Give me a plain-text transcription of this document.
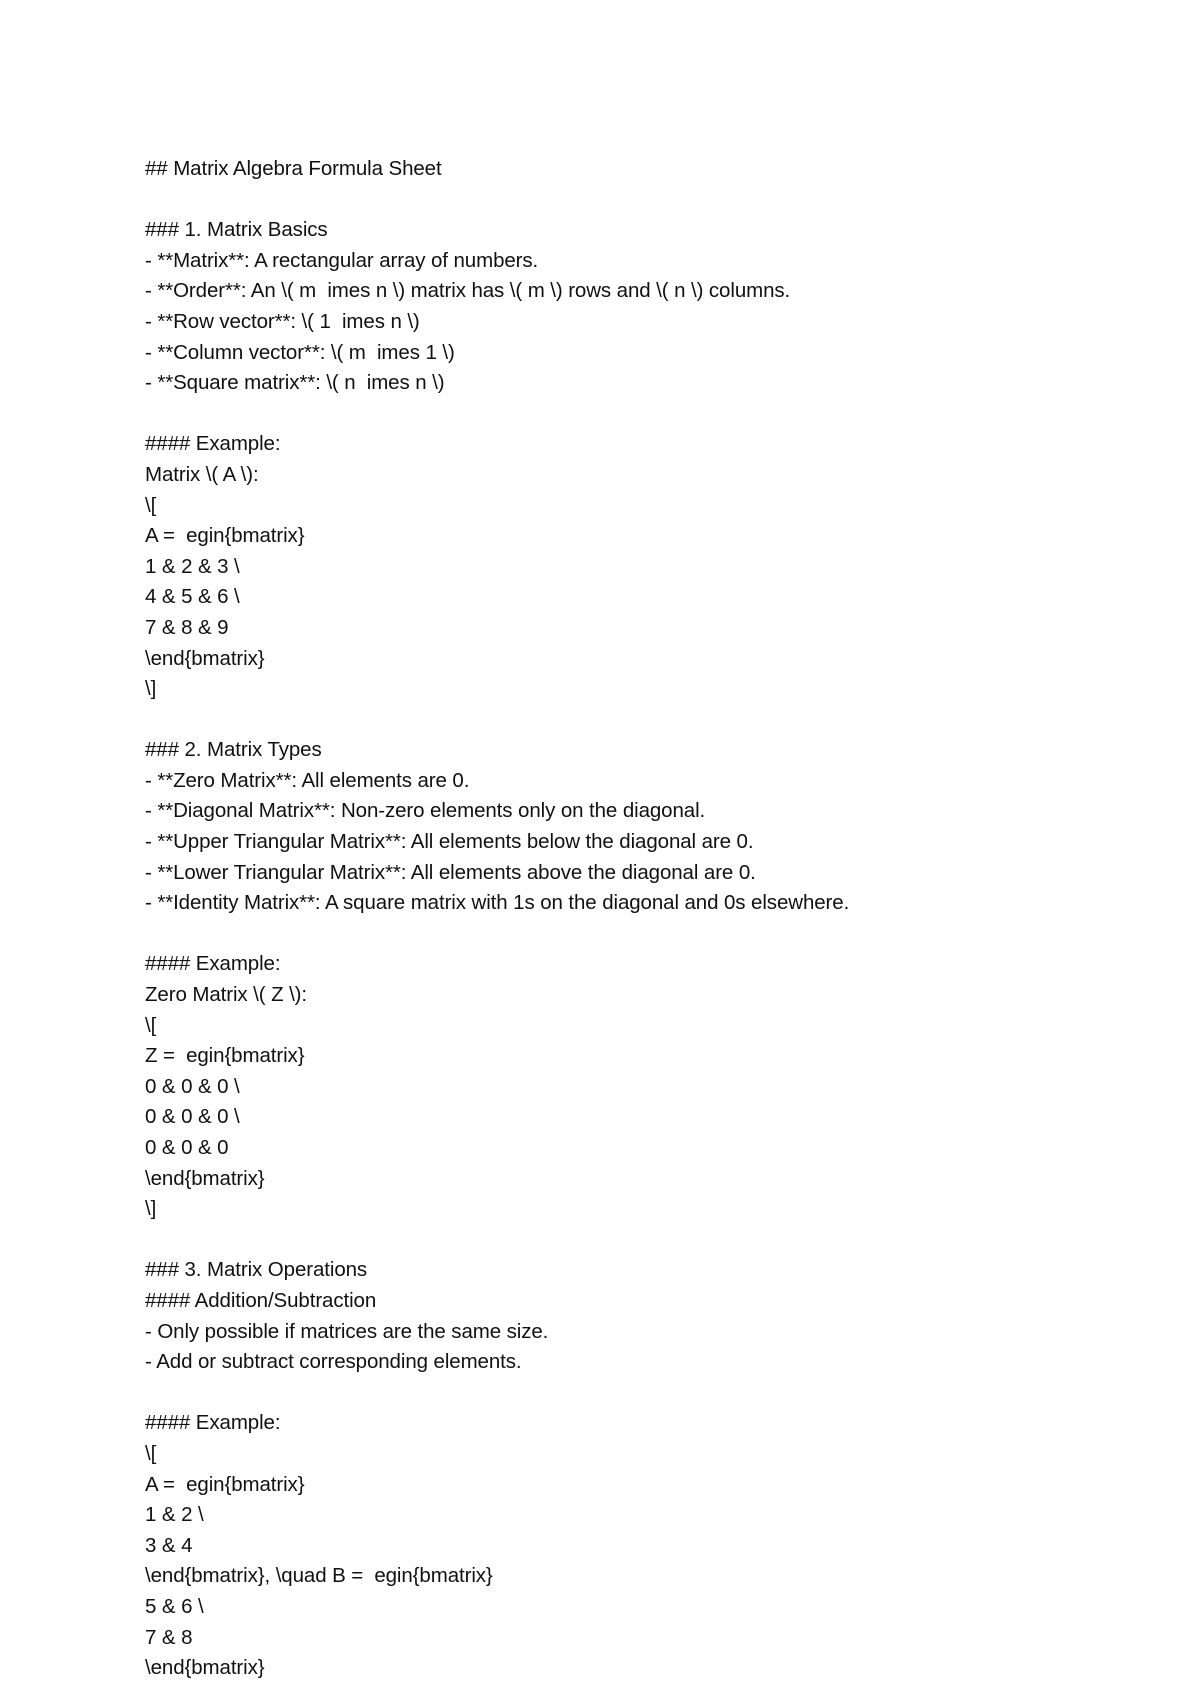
## Matrix Algebra Formula Sheet
### 1. Matrix Basics
- **Matrix**: A rectangular array of numbers.
- **Order**: An \( m  imes n \) matrix has \( m \) rows and \( n \) columns.
- **Row vector**: \( 1  imes n \)
- **Column vector**: \( m  imes 1 \)
- **Square matrix**: \( n  imes n \)
#### Example:
Matrix \( A \):
\[
A =  egin{bmatrix}
1 & 2 & 3 \
4 & 5 & 6 \
7 & 8 & 9
\end{bmatrix}
\]
### 2. Matrix Types
- **Zero Matrix**: All elements are 0.
- **Diagonal Matrix**: Non-zero elements only on the diagonal.
- **Upper Triangular Matrix**: All elements below the diagonal are 0.
- **Lower Triangular Matrix**: All elements above the diagonal are 0.
- **Identity Matrix**: A square matrix with 1s on the diagonal and 0s elsewhere.
#### Example:
Zero Matrix \( Z \):
\[
Z =  egin{bmatrix}
0 & 0 & 0 \
0 & 0 & 0 \
0 & 0 & 0
\end{bmatrix}
\]
### 3. Matrix Operations
#### Addition/Subtraction
- Only possible if matrices are the same size.
- Add or subtract corresponding elements.
#### Example:
\[
A =  egin{bmatrix}
1 & 2 \
3 & 4
\end{bmatrix}, \quad B =  egin{bmatrix}
5 & 6 \
7 & 8
\end{bmatrix}
